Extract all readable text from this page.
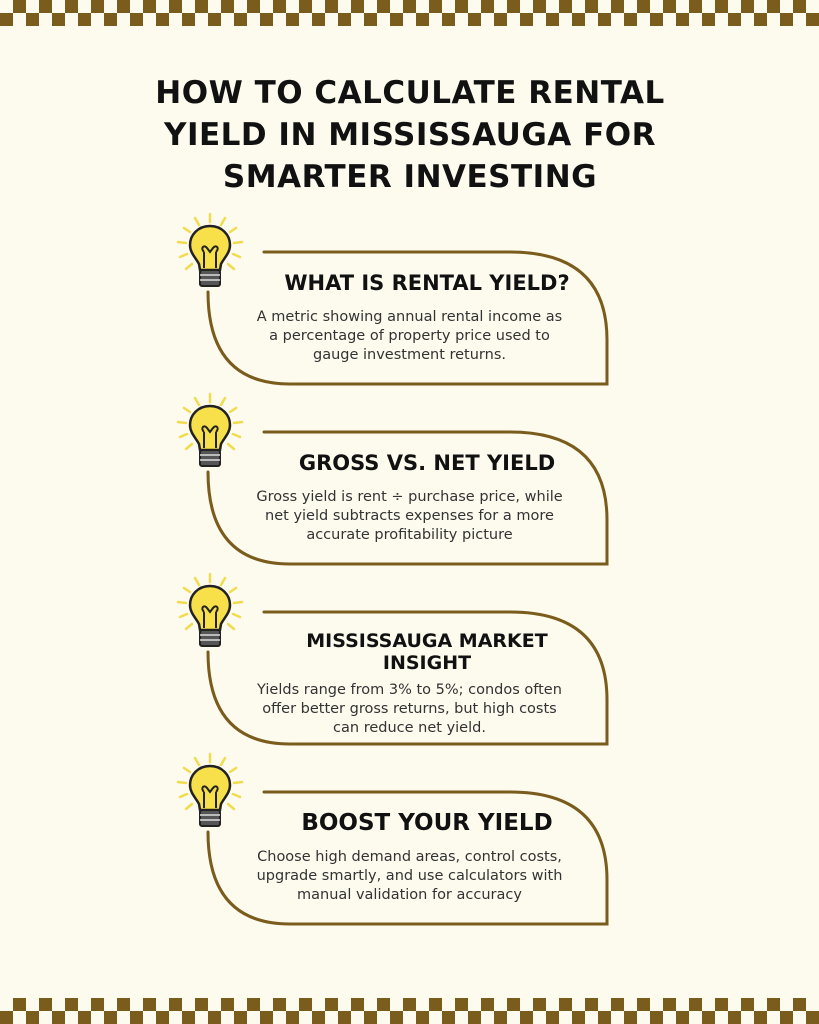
HOW TO CALCULATE RENTAL YIELD IN MISSISSAUGA FOR SMARTER INVESTING
WHAT IS RENTAL YIELD?

A metric showing annual rental income as a percentage of property price used to gauge investment returns.

GROSS VS. NET YIELD

Gross yield is rent ÷ purchase price, while net yield subtracts expenses for a more accurate profitability picture

MISSISSAUGA MARKET INSIGHT

Yields range from 3% to 5%; condos often offer better gross returns, but high costs can reduce net yield.

BOOST YOUR YIELD

Choose high demand areas, control costs, upgrade smartly, and use calculators with manual validation for accuracy
